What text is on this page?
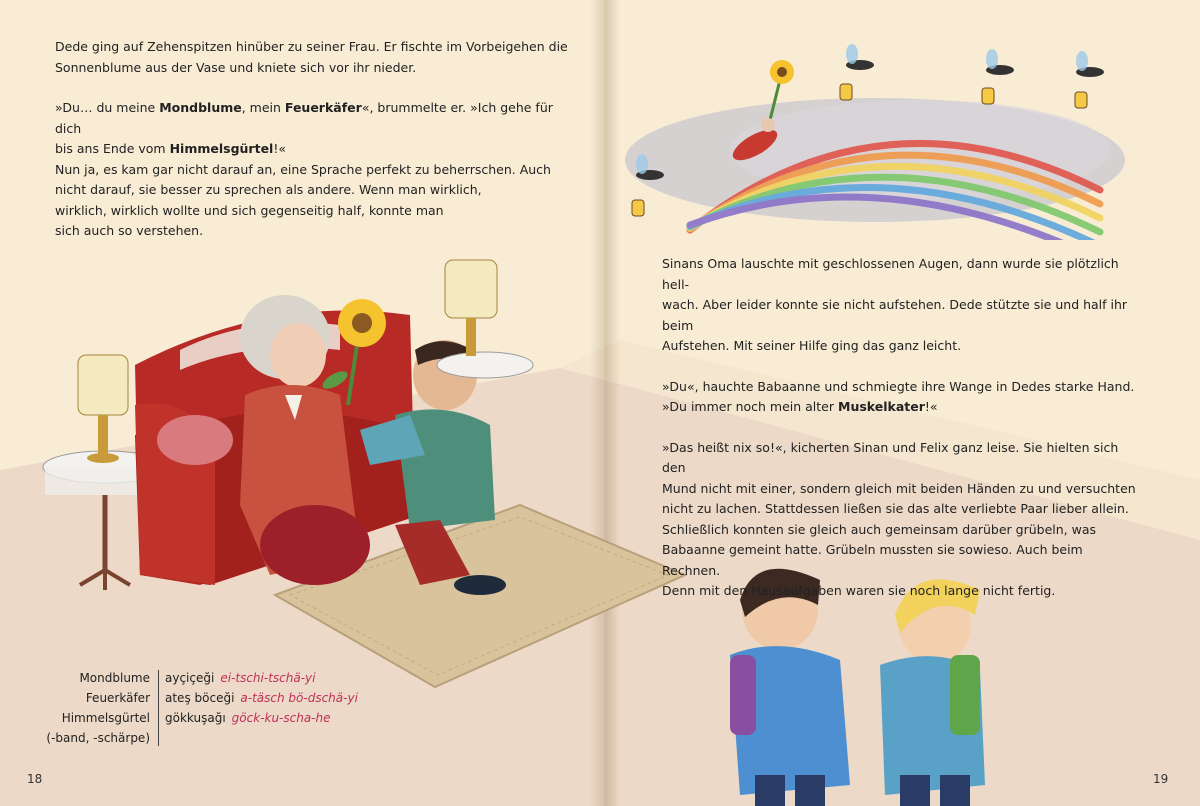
Dede ging auf Zehenspitzen hinüber zu seiner Frau. Er fischte im Vorbeigehen die
Sonnenblume aus der Vase und kniete sich vor ihr nieder.

»Du… du meine Mondblume, mein Feuerkäfer«, brummelte er. »Ich gehe für dich
bis ans Ende vom Himmelsgürtel!«
Nun ja, es kam gar nicht darauf an, eine Sprache perfekt zu beherrschen. Auch
nicht darauf, sie besser zu sprechen als andere. Wenn man wirklich,
wirklich, wirklich wollte und sich gegenseitig half, konnte man
sich auch so verstehen.

Sinans Oma lauschte mit geschlossenen Augen, dann wurde sie plötzlich hell-
wach. Aber leider konnte sie nicht aufstehen. Dede stützte sie und half ihr beim
Aufstehen. Mit seiner Hilfe ging das ganz leicht.

»Du«, hauchte Babaanne und schmiegte ihre Wange in Dedes starke Hand.
»Du immer noch mein alter Muskelkater!«

»Das heißt nix so!«, kicherten Sinan und Felix ganz leise. Sie hielten sich den
Mund nicht mit einer, sondern gleich mit beiden Händen zu und versuchten
nicht zu lachen. Stattdessen ließen sie das alte verliebte Paar lieber allein.
Schließlich konnten sie gleich auch gemeinsam darüber grübeln, was
Babaanne gemeint hatte. Grübeln mussten sie sowieso. Auch beim Rechnen.
Denn mit den Hausaufgaben waren sie noch lange nicht fertig.

Mondblume
Feuerkäfer
Himmelsgürtel
(-band, -schärpe)
ayçiçeği ei-tschi-tschä-yi
ateş böceği a-täsch bö-dschä-yi
gökkuşağı göck-ku-scha-he
18	19
